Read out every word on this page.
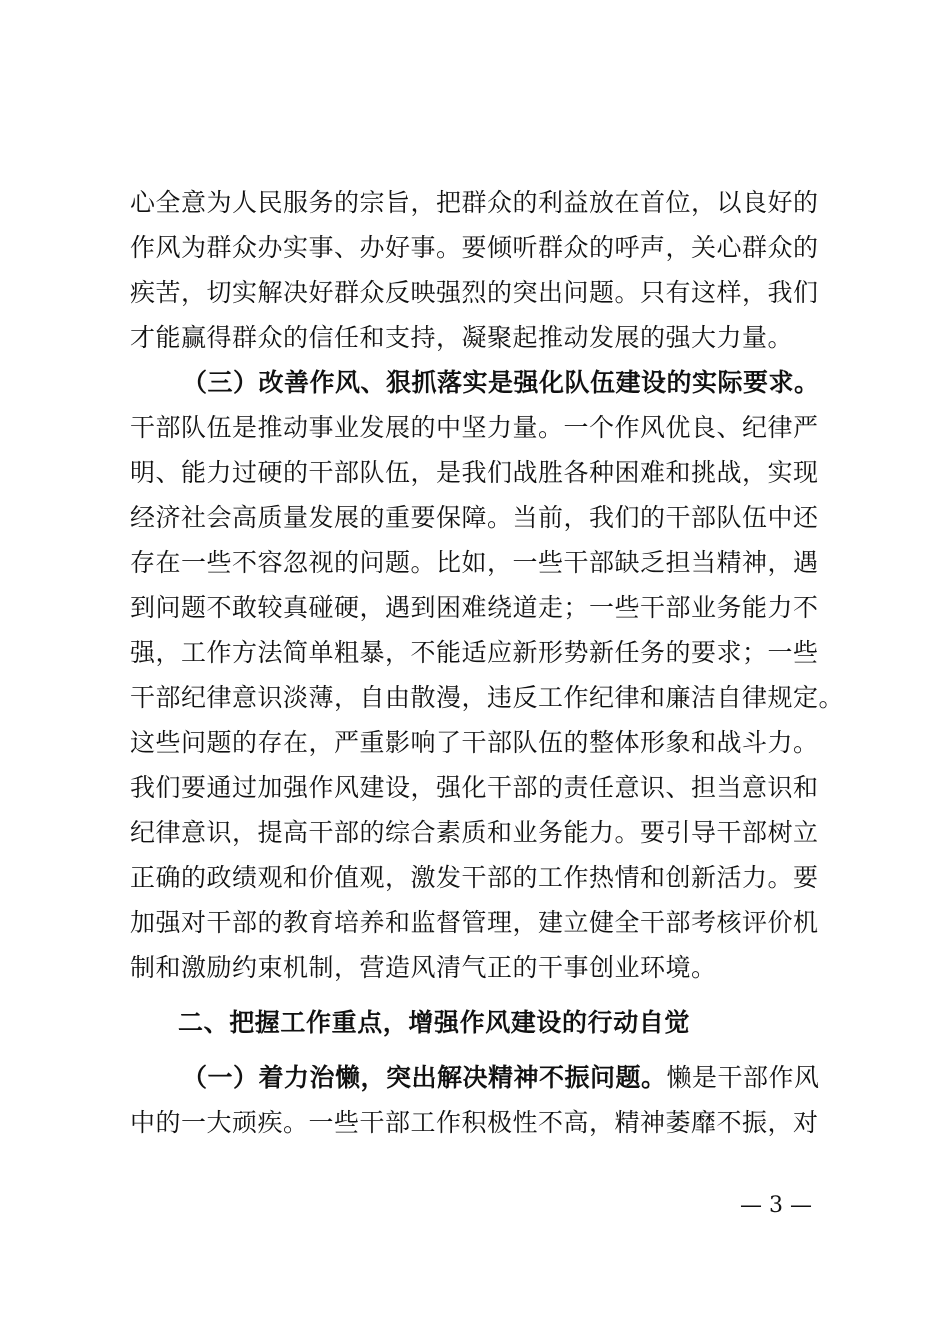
心全意为人民服务的宗旨，把群众的利益放在首位，以良好的
作风为群众办实事、办好事。要倾听群众的呼声，关心群众的
疾苦，切实解决好群众反映强烈的突出问题。只有这样，我们
才能赢得群众的信任和支持，凝聚起推动发展的强大力量。
（三）改善作风、狠抓落实是强化队伍建设的实际要求。
干部队伍是推动事业发展的中坚力量。一个作风优良、纪律严
明、能力过硬的干部队伍，是我们战胜各种困难和挑战，实现
经济社会高质量发展的重要保障。当前，我们的干部队伍中还
存在一些不容忽视的问题。比如，一些干部缺乏担当精神，遇
到问题不敢较真碰硬，遇到困难绕道走；一些干部业务能力不
强，工作方法简单粗暴，不能适应新形势新任务的要求；一些
干部纪律意识淡薄，自由散漫，违反工作纪律和廉洁自律规定。
这些问题的存在，严重影响了干部队伍的整体形象和战斗力。
我们要通过加强作风建设，强化干部的责任意识、担当意识和
纪律意识，提高干部的综合素质和业务能力。要引导干部树立
正确的政绩观和价值观，激发干部的工作热情和创新活力。要
加强对干部的教育培养和监督管理，建立健全干部考核评价机
制和激励约束机制，营造风清气正的干事创业环境。
二、把握工作重点，增强作风建设的行动自觉
（一）着力治懒，突出解决精神不振问题。懒是干部作风
中的一大顽疾。一些干部工作积极性不高，精神萎靡不振，对
— 3 —
